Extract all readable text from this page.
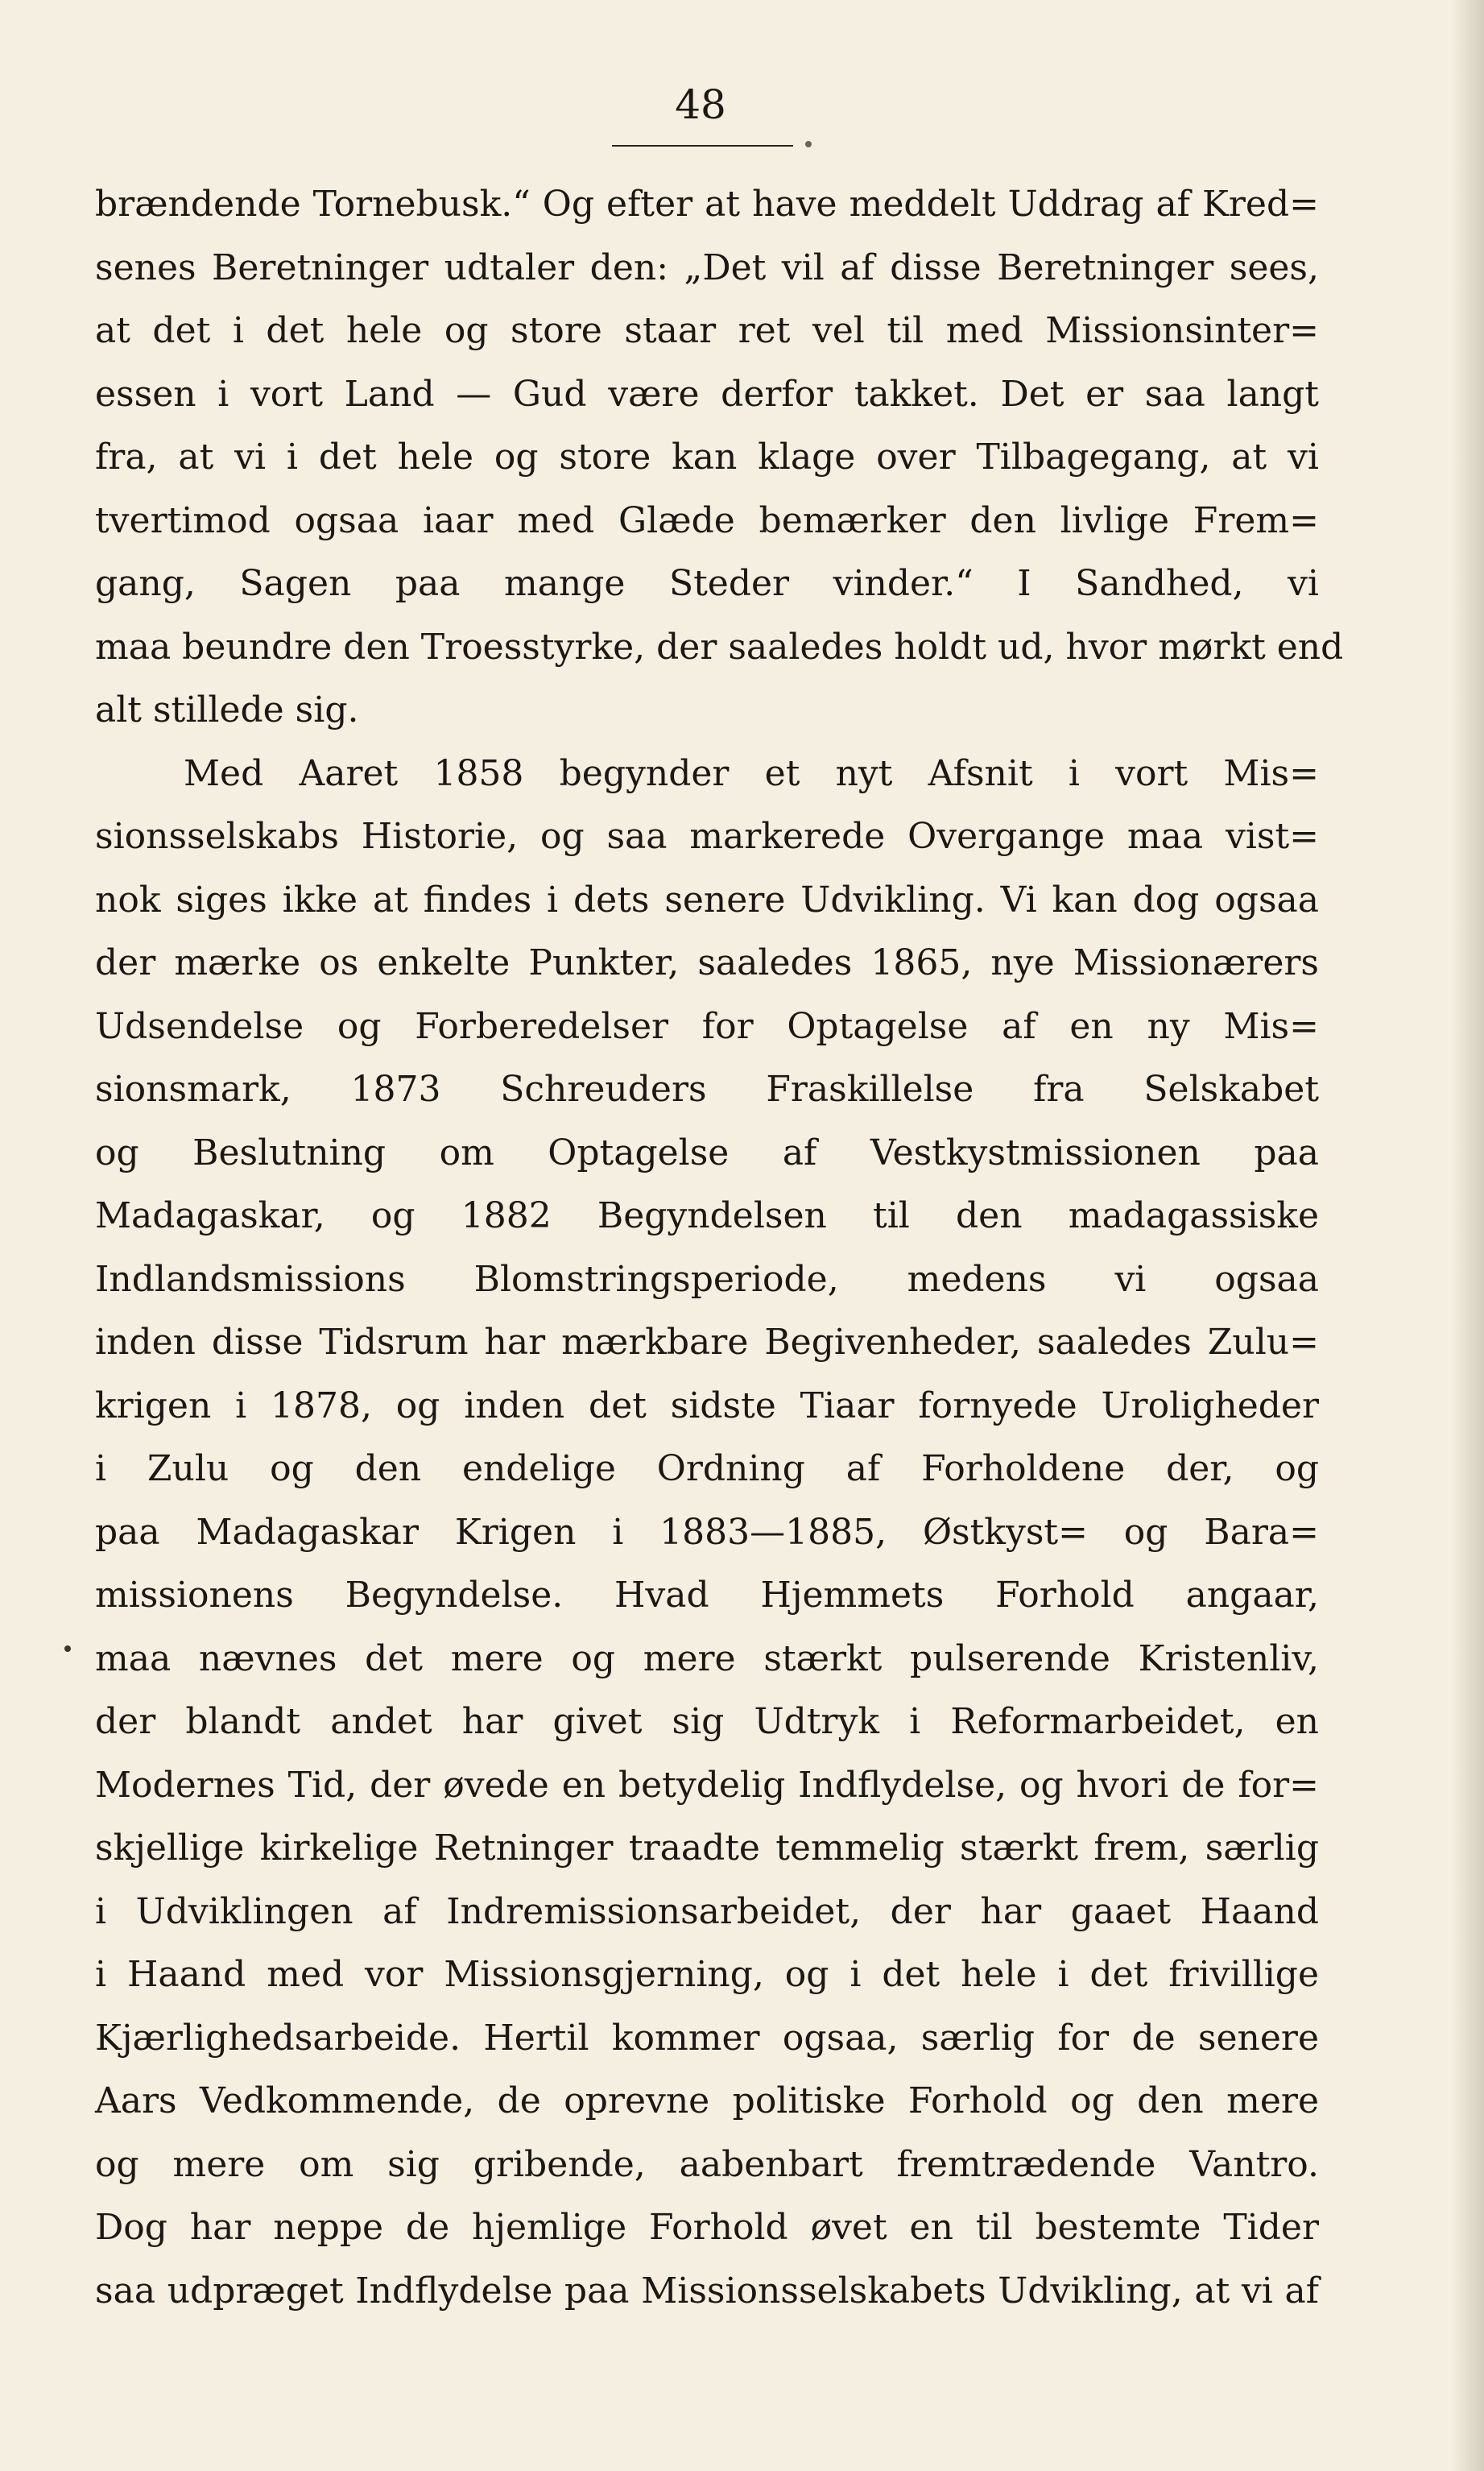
48
brændende Tornebusk.“ Og efter at have meddelt Uddrag af Kred=
senes Beretninger udtaler den: „Det vil af disse Beretninger sees,
at det i det hele og store staar ret vel til med Missionsinter=
essen i vort Land — Gud være derfor takket. Det er saa langt
fra, at vi i det hele og store kan klage over Tilbagegang, at vi
tvertimod ogsaa iaar med Glæde bemærker den livlige Frem=
gang, Sagen paa mange Steder vinder.“ I Sandhed, vi
maa beundre den Troesstyrke, der saaledes holdt ud, hvor mørkt end
alt stillede sig.
Med Aaret 1858 begynder et nyt Afsnit i vort Mis=
sionsselskabs Historie, og saa markerede Overgange maa vist=
nok siges ikke at findes i dets senere Udvikling. Vi kan dog ogsaa
der mærke os enkelte Punkter, saaledes 1865, nye Missionærers
Udsendelse og Forberedelser for Optagelse af en ny Mis=
sionsmark, 1873 Schreuders Fraskillelse fra Selskabet
og Beslutning om Optagelse af Vestkystmissionen paa
Madagaskar, og 1882 Begyndelsen til den madagassiske
Indlandsmissions Blomstringsperiode, medens vi ogsaa
inden disse Tidsrum har mærkbare Begivenheder, saaledes Zulu=
krigen i 1878, og inden det sidste Tiaar fornyede Uroligheder
i Zulu og den endelige Ordning af Forholdene der, og
paa Madagaskar Krigen i 1883—1885, Østkyst= og Bara=
missionens Begyndelse. Hvad Hjemmets Forhold angaar,
maa nævnes det mere og mere stærkt pulserende Kristenliv,
der blandt andet har givet sig Udtryk i Reformarbeidet, en
Modernes Tid, der øvede en betydelig Indflydelse, og hvori de for=
skjellige kirkelige Retninger traadte temmelig stærkt frem, særlig
i Udviklingen af Indremissionsarbeidet, der har gaaet Haand
i Haand med vor Missionsgjerning, og i det hele i det frivillige
Kjærlighedsarbeide. Hertil kommer ogsaa, særlig for de senere
Aars Vedkommende, de oprevne politiske Forhold og den mere
og mere om sig gribende, aabenbart fremtrædende Vantro.
Dog har neppe de hjemlige Forhold øvet en til bestemte Tider
saa udpræget Indflydelse paa Missionsselskabets Udvikling, at vi af
